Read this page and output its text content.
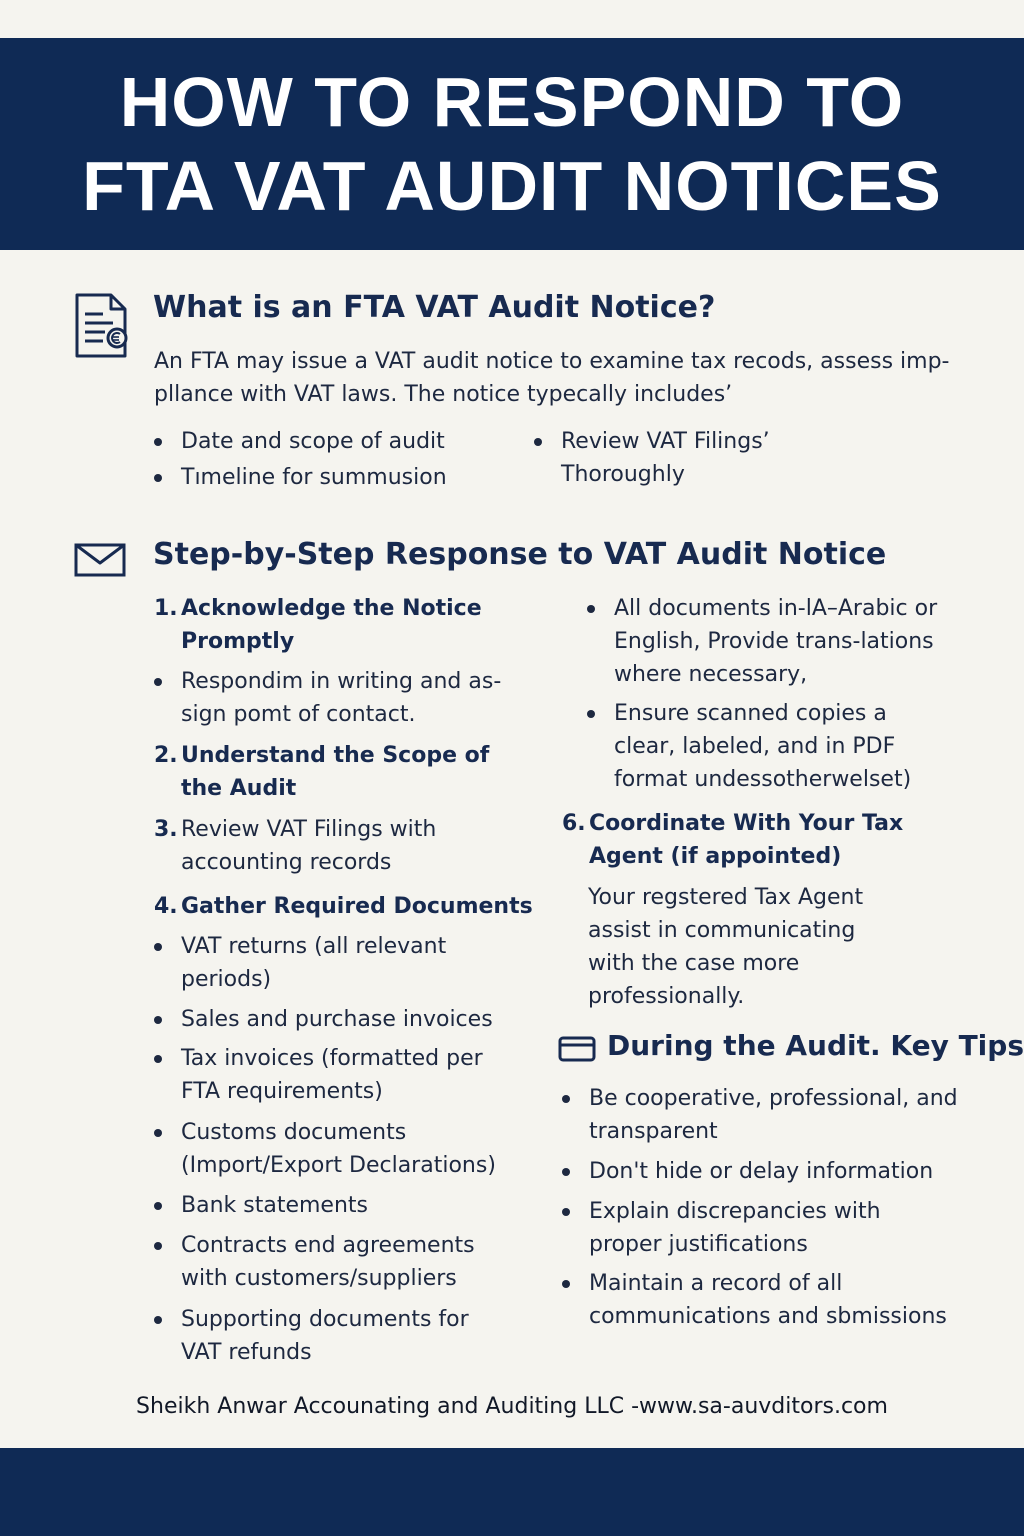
HOW TO RESPOND TO
FTA VAT AUDIT NOTICES
What is an FTA VAT Audit Notice?
An FTA may issue a VAT audit notice to examine tax recods, assess imp-pllance with VAT laws. The notice typecally includes’
Date and scope of audit
Tımeline for summusion
Review VAT Filings’ Thoroughly
Step-by-Step Response to VAT Audit Notice
1. Acknowledge the Notice Promptly
Respondim in writing and as-sign pomt of contact.
2. Understand the Scope of the Audit
3. Review VAT Filings with accounting records
4. Gather Required Documents
VAT returns (all relevant periods)
Sales and purchase invoices
Tax invoices (formatted per FTA requirements)
Customs documents (Import/Export Declarations)
Bank statements
Contracts end agreements with customers/suppliers
Supporting documents for VAT refunds
All documents in-lA–Arabic or English, Provide trans-lations where necessary,
Ensure scanned copies a clear, labeled, and in PDF format undessotherwelset)
6. Coordinate With Your Tax Agent (if appointed)
Your regstered Tax Agent assist in communicating with the case more professionally.
During the Audit. Key Tips
Be cooperative, professional, and transparent
Don't hide or delay information
Explain discrepancies with proper justifications
Maintain a record of all communications and sbmissions
Sheikh Anwar Accounating and Auditing LLC -www.sa-auvditors.com
